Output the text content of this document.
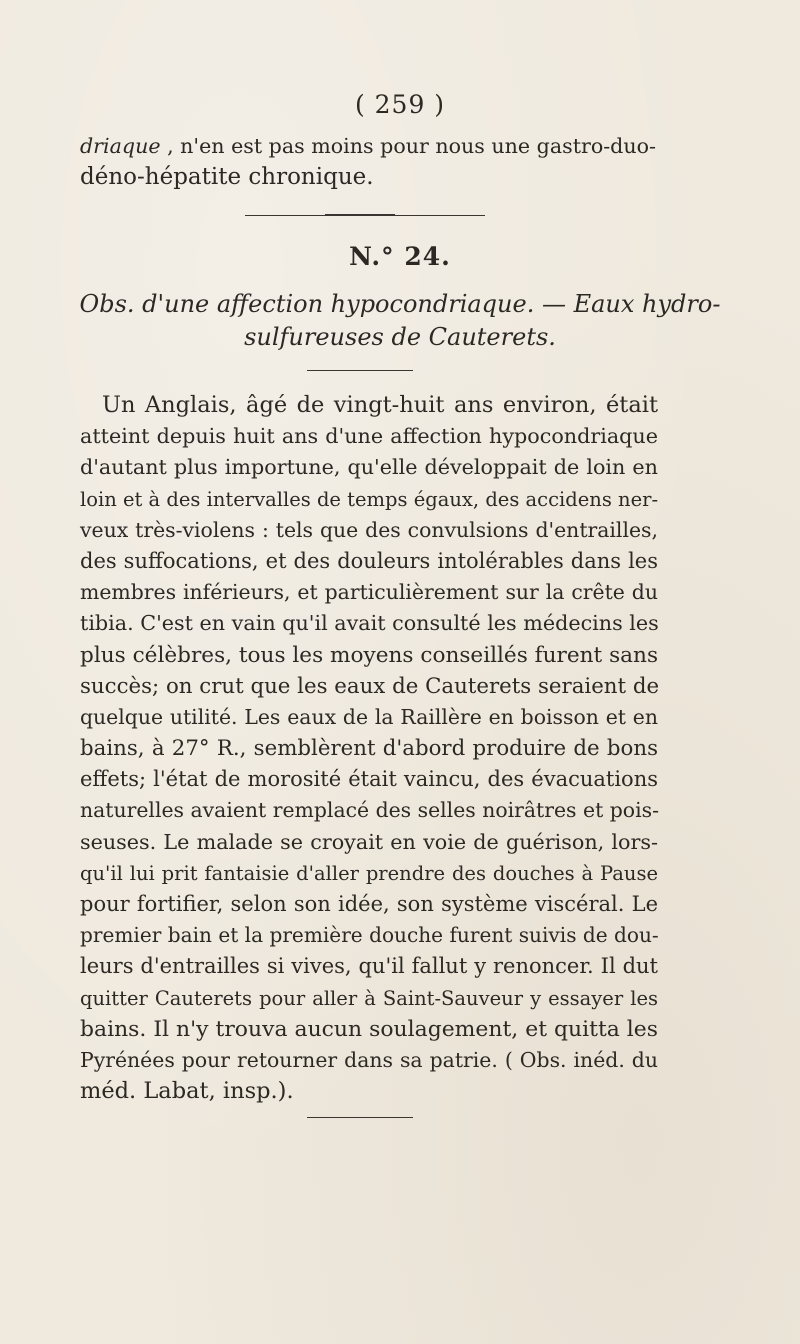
( 259 )
driaque , n'en est pas moins pour nous une gastro-duo-
déno-hépatite chronique.
N.° 24.
Obs. d'une affection hypocondriaque. — Eaux hydro-
sulfureuses de Cauterets.
Un Anglais, âgé de vingt-huit ans environ, était
atteint depuis huit ans d'une affection hypocondriaque
d'autant plus importune, qu'elle développait de loin en
loin et à des intervalles de temps égaux, des accidens ner-
veux très-violens : tels que des convulsions d'entrailles,
des suffocations, et des douleurs intolérables dans les
membres inférieurs, et particulièrement sur la crête du
tibia. C'est en vain qu'il avait consulté les médecins les
plus célèbres, tous les moyens conseillés furent sans
succès; on crut que les eaux de Cauterets seraient de
quelque utilité. Les eaux de la Raillère en boisson et en
bains, à 27° R., semblèrent d'abord produire de bons
effets; l'état de morosité était vaincu, des évacuations
naturelles avaient remplacé des selles noirâtres et pois-
seuses. Le malade se croyait en voie de guérison, lors-
qu'il lui prit fantaisie d'aller prendre des douches à Pause
pour fortifier, selon son idée, son système viscéral. Le
premier bain et la première douche furent suivis de dou-
leurs d'entrailles si vives, qu'il fallut y renoncer. Il dut
quitter Cauterets pour aller à Saint-Sauveur y essayer les
bains. Il n'y trouva aucun soulagement, et quitta les
Pyrénées pour retourner dans sa patrie. ( Obs. inéd. du
méd. Labat, insp.).
